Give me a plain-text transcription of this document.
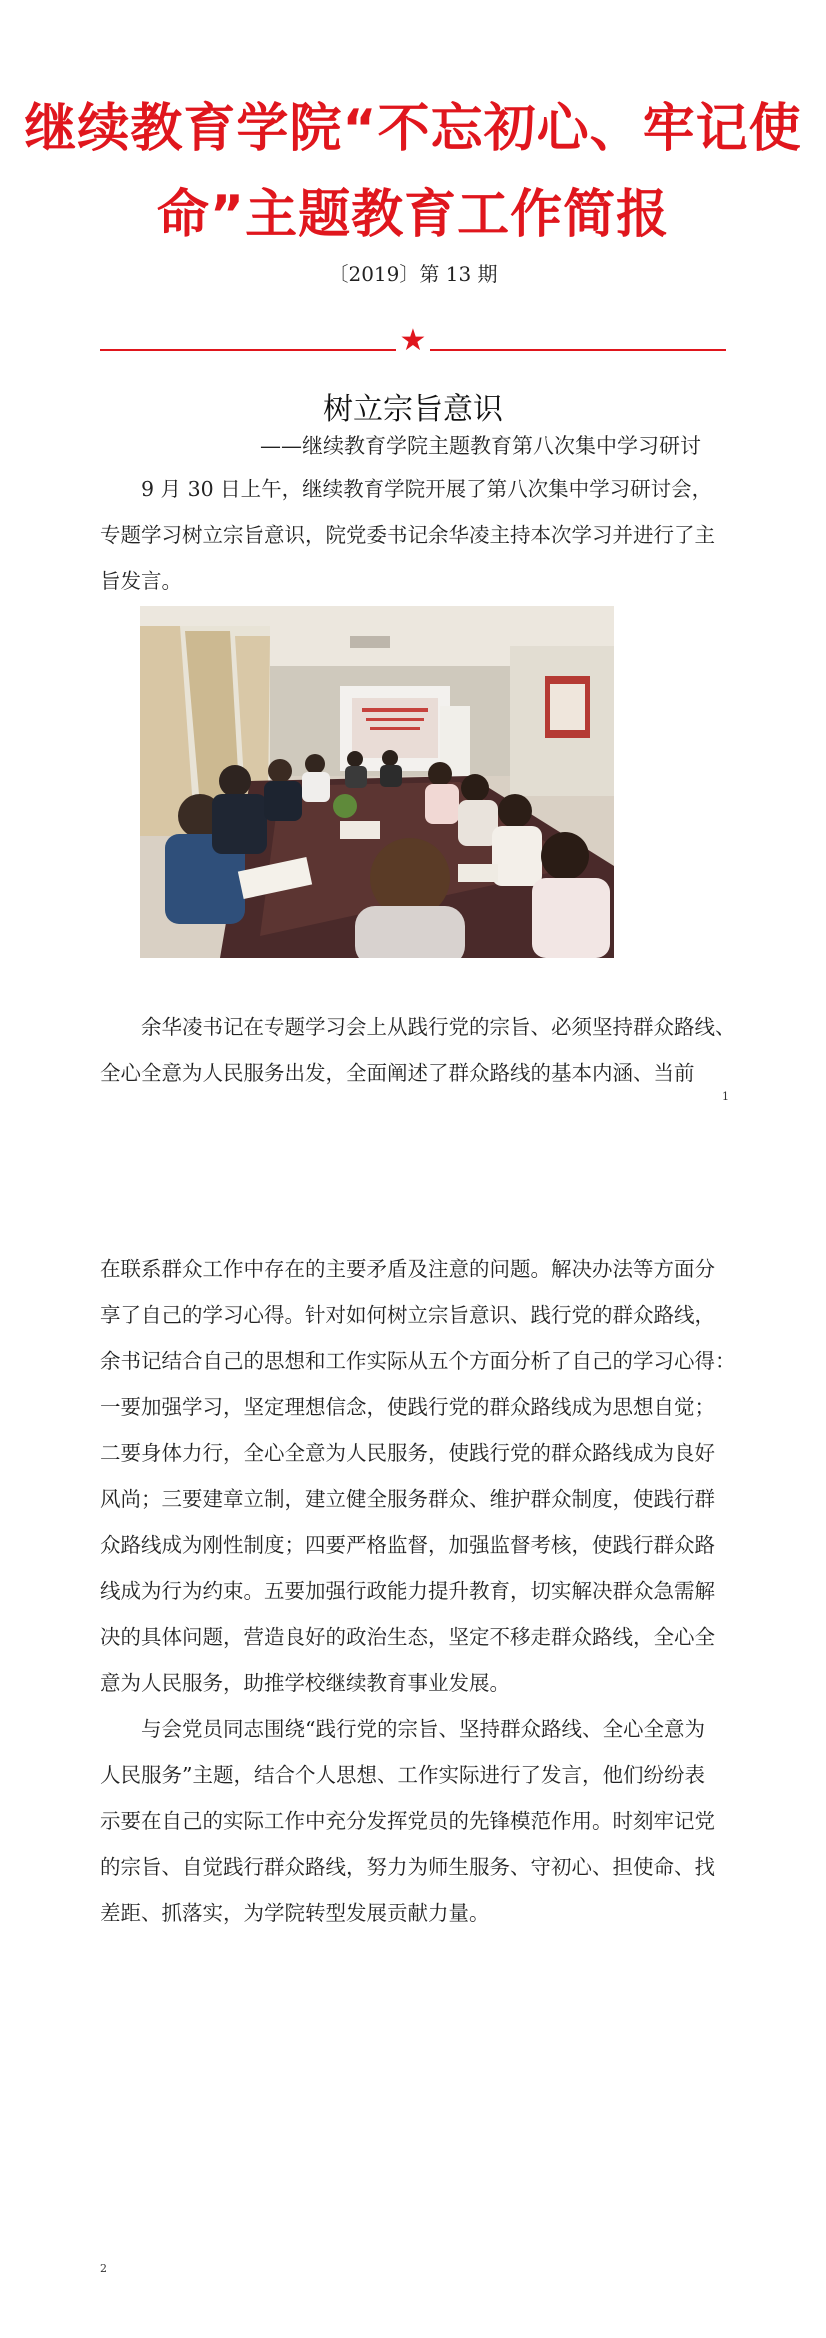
继续教育学院“不忘初心、牢记使
命”主题教育工作简报
〔2019〕第 13 期
★
树立宗旨意识
——继续教育学院主题教育第八次集中学习研讨
9 月 30 日上午，继续教育学院开展了第八次集中学习研讨会，
专题学习树立宗旨意识，院党委书记余华凌主持本次学习并进行了主
旨发言。
余华凌书记在专题学习会上从践行党的宗旨、必须坚持群众路线、
全心全意为人民服务出发，全面阐述了群众路线的基本内涵、当前
1
在联系群众工作中存在的主要矛盾及注意的问题。解决办法等方面分
享了自己的学习心得。针对如何树立宗旨意识、践行党的群众路线，
余书记结合自己的思想和工作实际从五个方面分析了自己的学习心得：
一要加强学习，坚定理想信念，使践行党的群众路线成为思想自觉；
二要身体力行，全心全意为人民服务，使践行党的群众路线成为良好
风尚；三要建章立制，建立健全服务群众、维护群众制度，使践行群
众路线成为刚性制度；四要严格监督，加强监督考核，使践行群众路
线成为行为约束。五要加强行政能力提升教育，切实解决群众急需解
决的具体问题，营造良好的政治生态，坚定不移走群众路线，全心全
意为人民服务，助推学校继续教育事业发展。
与会党员同志围绕“践行党的宗旨、坚持群众路线、全心全意为
人民服务”主题，结合个人思想、工作实际进行了发言，他们纷纷表
示要在自己的实际工作中充分发挥党员的先锋模范作用。时刻牢记党
的宗旨、自觉践行群众路线，努力为师生服务、守初心、担使命、找
差距、抓落实，为学院转型发展贡献力量。
2
